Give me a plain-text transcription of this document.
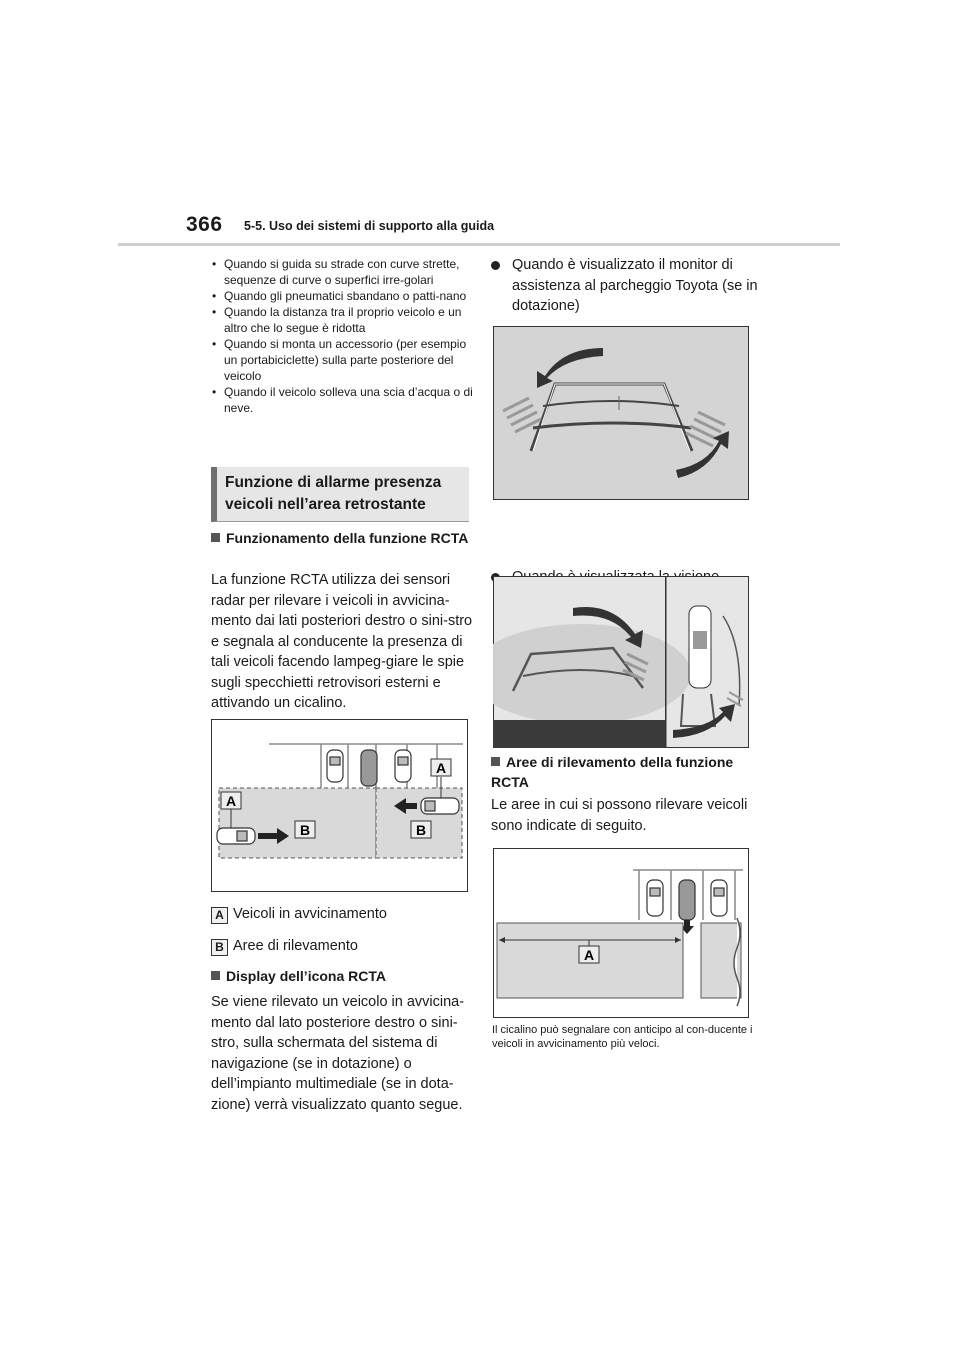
366 5-5. Uso dei sistemi di supporto alla guida
• Quando si guida su strade con curve strette, sequenze di curve o superfici irre-golari
• Quando gli pneumatici sbandano o patti-nano
• Quando la distanza tra il proprio veicolo e un altro che lo segue è ridotta
• Quando si monta un accessorio (per esempio un portabiciclette) sulla parte posteriore del veicolo
• Quando il veicolo solleva una scia d’acqua o di neve.
Funzione di allarme presenza veicoli nell’area retrostante
Funzionamento della funzione RCTA
La funzione RCTA utilizza dei sensori radar per rilevare i veicoli in avvicina-mento dai lati posteriori destro o sini-stro e segnala al conducente la presenza di tali veicoli facendo lampeg-giare le spie sugli specchietti retrovisori esterni e attivando un cicalino.
A
A
B	B
A Veicoli in avvicinamento
B Aree di rilevamento
Display dell’icona RCTA
Se viene rilevato un veicolo in avvicina-mento dal lato posteriore destro o sini-stro, sulla schermata del sistema di navigazione (se in dotazione) o dell’impianto multimediale (se in dota-zione) verrà visualizzato quanto segue.
Quando è visualizzato il monitor di assistenza al parcheggio Toyota (se in dotazione)
Aree di rilevamento della funzione RCTA
Le aree in cui si possono rilevare veicoli sono indicate di seguito.
A
Il cicalino può segnalare con anticipo al con-ducente i veicoli in avvicinamento più veloci.
